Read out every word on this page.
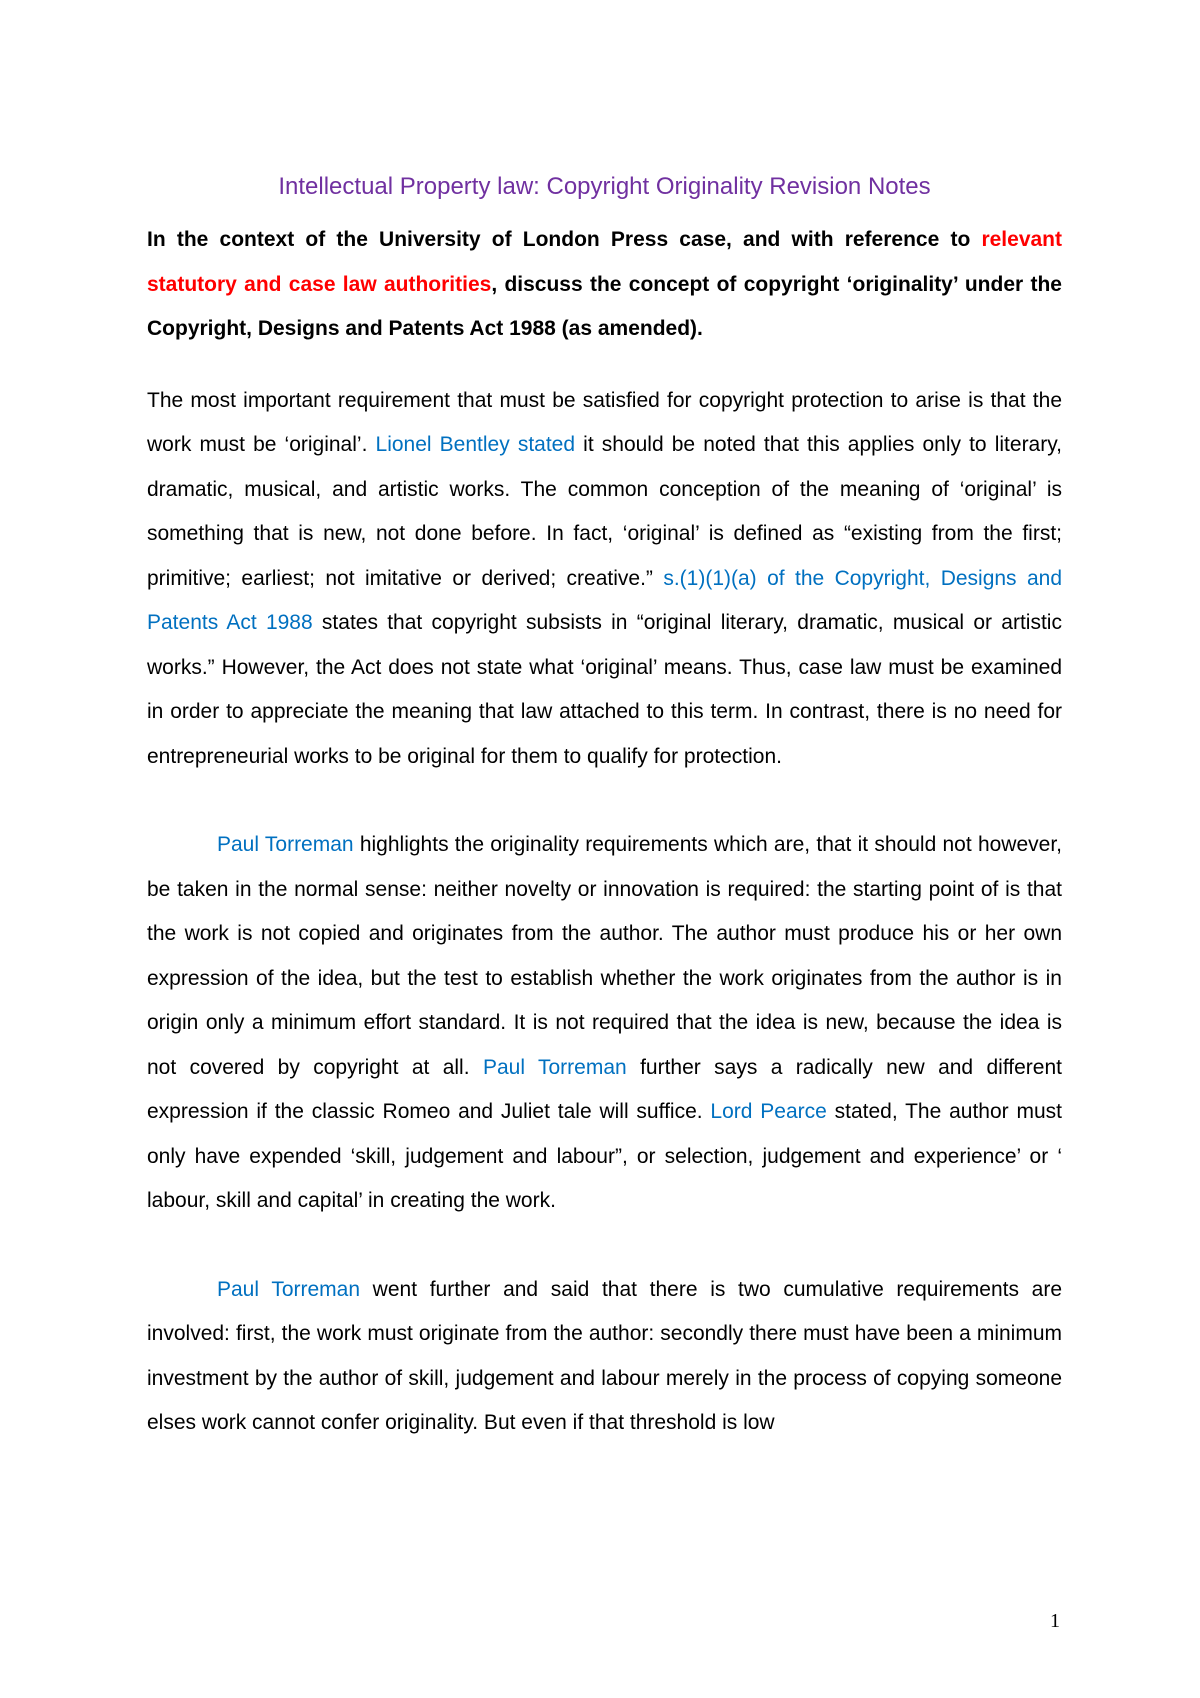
Intellectual Property law: Copyright Originality Revision Notes

In the context of the University of London Press case, and with reference to relevant statutory and case law authorities, discuss the concept of copyright ‘originality’ under the Copyright, Designs and Patents Act 1988 (as amended).

The most important requirement that must be satisfied for copyright protection to arise is that the work must be ‘original’. Lionel Bentley stated it should be noted that this applies only to literary, dramatic, musical, and artistic works. The common conception of the meaning of ‘original’ is something that is new, not done before. In fact, ‘original’ is defined as “existing from the first; primitive; earliest; not imitative or derived; creative.” s.(1)(1)(a) of the Copyright, Designs and Patents Act 1988 states that copyright subsists in “original literary, dramatic, musical or artistic works.” However, the Act does not state what ‘original’ means. Thus, case law must be examined in order to appreciate the meaning that law attached to this term. In contrast, there is no need for entrepreneurial works to be original for them to qualify for protection.

Paul Torreman highlights the originality requirements which are, that it should not however, be taken in the normal sense: neither novelty or innovation is required: the starting point of is that the work is not copied and originates from the author. The author must produce his or her own expression of the idea, but the test to establish whether the work originates from the author is in origin only a minimum effort standard. It is not required that the idea is new, because the idea is not covered by copyright at all. Paul Torreman further says a radically new and different expression if the classic Romeo and Juliet tale will suffice. Lord Pearce stated, The author must only have expended ‘skill, judgement and labour”, or selection, judgement and experience’ or ‘ labour, skill and capital’ in creating the work.

Paul Torreman went further and said that there is two cumulative requirements are involved: first, the work must originate from the author: secondly there must have been a minimum investment by the author of skill, judgement and labour merely in the process of copying someone elses work cannot confer originality. But even if that threshold is low

1
